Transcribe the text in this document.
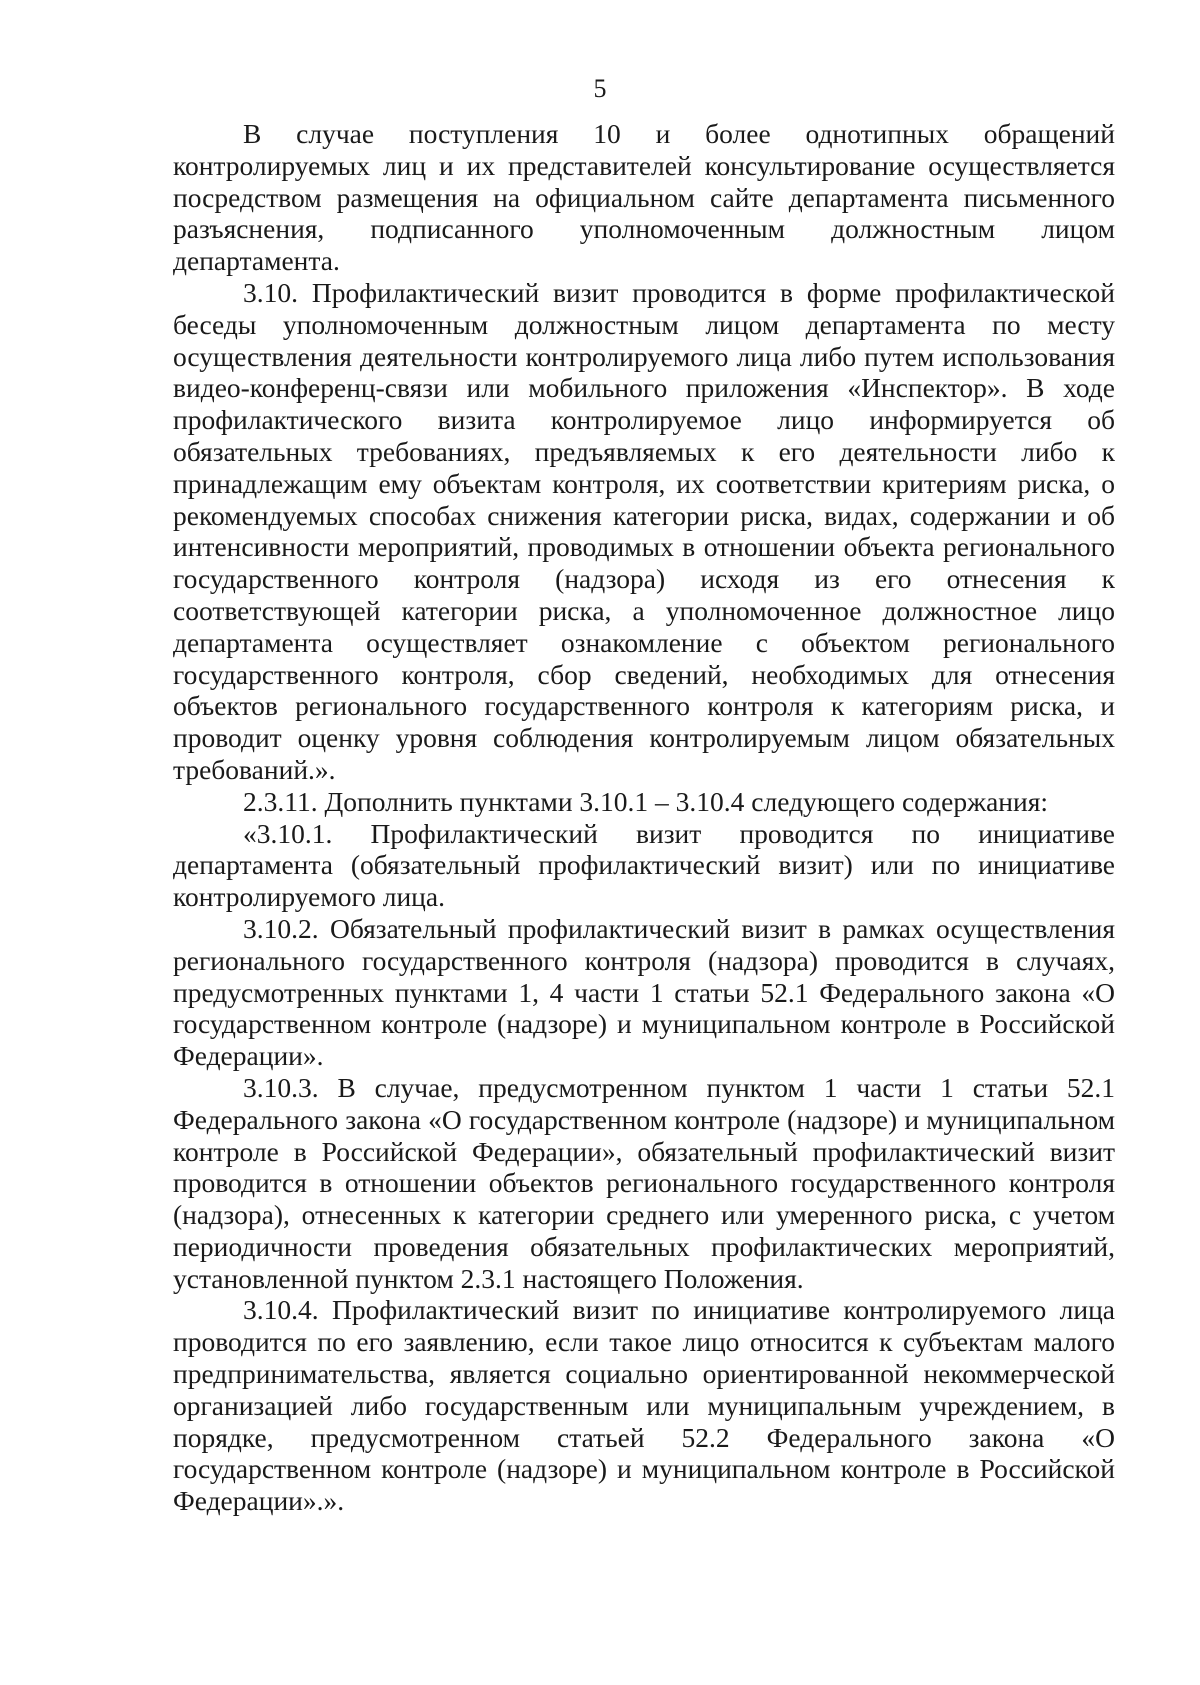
5

В случае поступления 10 и более однотипных обращений контролируемых лиц и их представителей консультирование осуществляется посредством размещения на официальном сайте департамента письменного разъяснения, подписанного уполномоченным должностным лицом департамента.

3.10. Профилактический визит проводится в форме профилактической беседы уполномоченным должностным лицом департамента по месту осуществления деятельности контролируемого лица либо путем использования видео-конференц-связи или мобильного приложения «Инспектор». В ходе профилактического визита контролируемое лицо информируется об обязательных требованиях, предъявляемых к его деятельности либо к принадлежащим ему объектам контроля, их соответствии критериям риска, о рекомендуемых способах снижения категории риска, видах, содержании и об интенсивности мероприятий, проводимых в отношении объекта регионального государственного контроля (надзора) исходя из его отнесения к соответствующей категории риска, а уполномоченное должностное лицо департамента осуществляет ознакомление с объектом регионального государственного контроля, сбор сведений, необходимых для отнесения объектов регионального государственного контроля к категориям риска, и проводит оценку уровня соблюдения контролируемым лицом обязательных требований.».

2.3.11. Дополнить пунктами 3.10.1 – 3.10.4 следующего содержания:

«3.10.1. Профилактический визит проводится по инициативе департамента (обязательный профилактический визит) или по инициативе контролируемого лица.

3.10.2. Обязательный профилактический визит в рамках осуществления регионального государственного контроля (надзора) проводится в случаях, предусмотренных пунктами 1, 4 части 1 статьи 52.1 Федерального закона «О государственном контроле (надзоре) и муниципальном контроле в Российской Федерации».

3.10.3. В случае, предусмотренном пунктом 1 части 1 статьи 52.1 Федерального закона «О государственном контроле (надзоре) и муниципальном контроле в Российской Федерации», обязательный профилактический визит проводится в отношении объектов регионального государственного контроля (надзора), отнесенных к категории среднего или умеренного риска, с учетом периодичности проведения обязательных профилактических мероприятий, установленной пунктом 2.3.1 настоящего Положения.

3.10.4. Профилактический визит по инициативе контролируемого лица проводится по его заявлению, если такое лицо относится к субъектам малого предпринимательства, является социально ориентированной некоммерческой организацией либо государственным или муниципальным учреждением, в порядке, предусмотренном статьей 52.2 Федерального закона «О государственном контроле (надзоре) и муниципальном контроле в Российской Федерации».».
